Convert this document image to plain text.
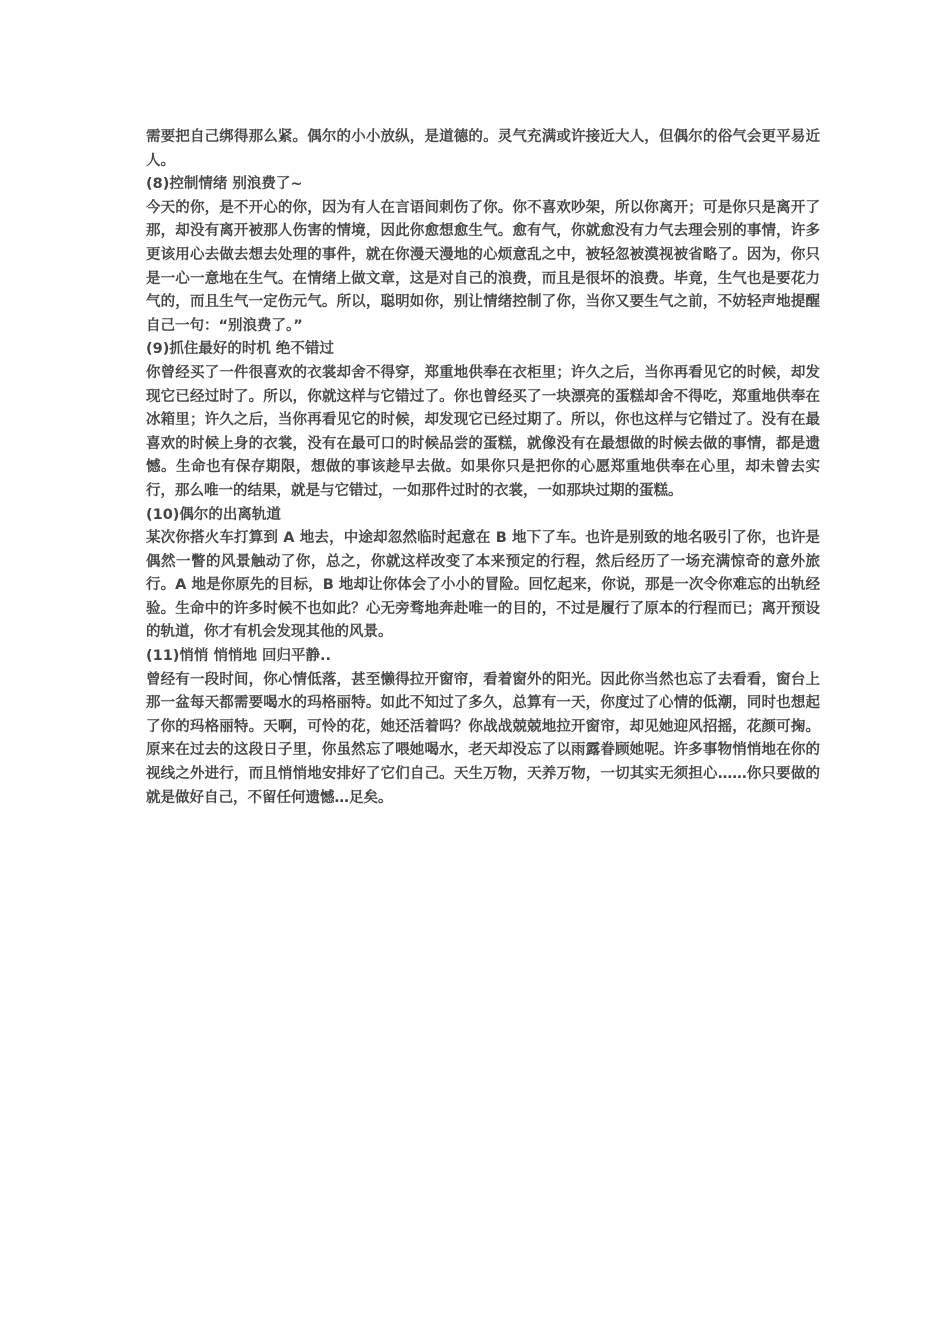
需要把自己绑得那么紧。偶尔的小小放纵，是道德的。灵气充满或许接近大人，但偶尔的俗气会更平易近人。

(8)控制情绪 别浪费了~

今天的你，是不开心的你，因为有人在言语间刺伤了你。你不喜欢吵架，所以你离开；可是你只是离开了那，却没有离开被那人伤害的情境，因此你愈想愈生气。愈有气，你就愈没有力气去理会别的事情，许多更该用心去做去想去处理的事件，就在你漫天漫地的心烦意乱之中，被轻忽被漠视被省略了。因为，你只是一心一意地在生气。在情绪上做文章，这是对自己的浪费，而且是很坏的浪费。毕竟，生气也是要花力气的，而且生气一定伤元气。所以，聪明如你，别让情绪控制了你，当你又要生气之前，不妨轻声地提醒自己一句：“别浪费了。”

(9)抓住最好的时机 绝不错过

你曾经买了一件很喜欢的衣裳却舍不得穿，郑重地供奉在衣柜里；许久之后，当你再看见它的时候，却发现它已经过时了。所以，你就这样与它错过了。你也曾经买了一块漂亮的蛋糕却舍不得吃，郑重地供奉在冰箱里；许久之后，当你再看见它的时候，却发现它已经过期了。所以，你也这样与它错过了。没有在最喜欢的时候上身的衣裳，没有在最可口的时候品尝的蛋糕，就像没有在最想做的时候去做的事情，都是遗憾。生命也有保存期限，想做的事该趁早去做。如果你只是把你的心愿郑重地供奉在心里，却未曾去实行，那么唯一的结果，就是与它错过，一如那件过时的衣裳，一如那块过期的蛋糕。

(10)偶尔的出离轨道

某次你搭火车打算到 A 地去，中途却忽然临时起意在 B 地下了车。也许是别致的地名吸引了你，也许是偶然一瞥的风景触动了你，总之，你就这样改变了本来预定的行程，然后经历了一场充满惊奇的意外旅行。A 地是你原先的目标，B 地却让你体会了小小的冒险。回忆起来，你说，那是一次令你难忘的出轨经验。生命中的许多时候不也如此？心无旁骛地奔赴唯一的目的，不过是履行了原本的行程而已；离开预设的轨道，你才有机会发现其他的风景。

(11)悄悄 悄悄地 回归平静..

曾经有一段时间，你心情低落，甚至懒得拉开窗帘，看着窗外的阳光。因此你当然也忘了去看看，窗台上那一盆每天都需要喝水的玛格丽特。如此不知过了多久，总算有一天，你度过了心情的低潮，同时也想起了你的玛格丽特。天啊，可怜的花，她还活着吗？你战战兢兢地拉开窗帘，却见她迎风招摇，花颜可掬。原来在过去的这段日子里，你虽然忘了喂她喝水，老天却没忘了以雨露眷顾她呢。许多事物悄悄地在你的视线之外进行，而且悄悄地安排好了它们自己。天生万物，天养万物，一切其实无须担心……你只要做的就是做好自己，不留任何遗憾…足矣。
